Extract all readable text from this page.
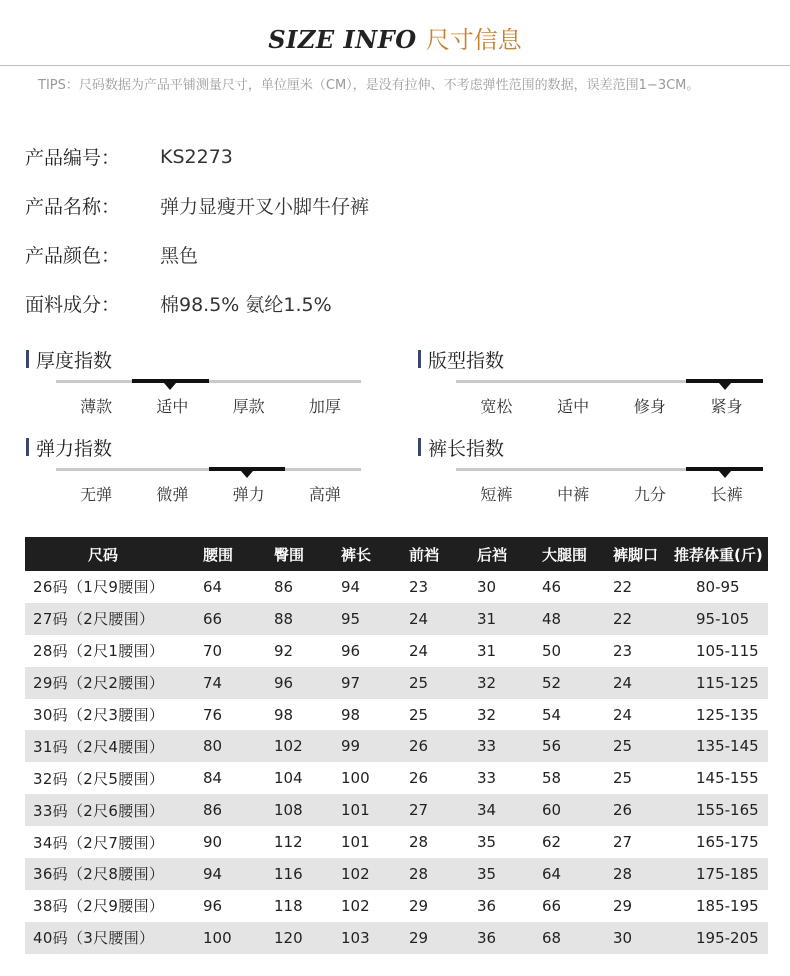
SIZE INFO 尺寸信息
TIPS：尺码数据为产品平铺测量尺寸，单位厘米（CM），是没有拉伸、不考虑弹性范围的数据，误差范围1−3CM。
产品编号：	KS2273
产品名称：	弹力显瘦开叉小脚牛仔裤
产品颜色：	黑色
面料成分：	棉98.5% 氨纶1.5%
厚度指数
薄款	适中	厚款	加厚
版型指数
宽松	适中	修身	紧身
弹力指数
无弹	微弹	弹力	高弹
裤长指数
短裤	中裤	九分	长裤
尺码	腰围	臀围	裤长	前裆	后裆	大腿围	裤脚口	推荐体重(斤)
26码（1尺9腰围）	64	86	94	23	30	46	22	80-95
27码（2尺腰围）	66	88	95	24	31	48	22	95-105
28码（2尺1腰围）	70	92	96	24	31	50	23	105-115
29码（2尺2腰围）	74	96	97	25	32	52	24	115-125
30码（2尺3腰围）	76	98	98	25	32	54	24	125-135
31码（2尺4腰围）	80	102	99	26	33	56	25	135-145
32码（2尺5腰围）	84	104	100	26	33	58	25	145-155
33码（2尺6腰围）	86	108	101	27	34	60	26	155-165
34码（2尺7腰围）	90	112	101	28	35	62	27	165-175
36码（2尺8腰围）	94	116	102	28	35	64	28	175-185
38码（2尺9腰围）	96	118	102	29	36	66	29	185-195
40码（3尺腰围）	100	120	103	29	36	68	30	195-205
